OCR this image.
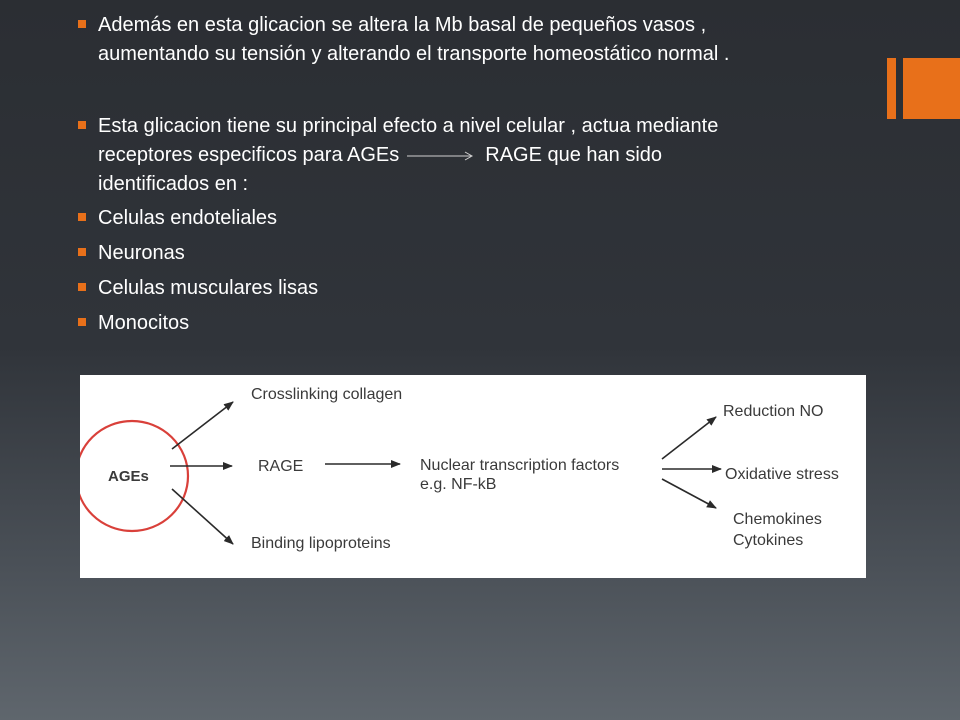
Además en esta glicacion se altera la Mb basal de pequeños vasos ,
aumentando su tensión y alterando el transporte homeostático normal .
Esta glicacion tiene su principal efecto a nivel celular , actua mediante
receptores especificos para AGEs	RAGE que han sido
identificados en :
Celulas endoteliales
Neuronas
Celulas musculares lisas
Monocitos
AGEs
Crosslinking collagen
RAGE
Binding lipoproteins
Nuclear transcription factors
e.g. NF-kB
Reduction NO
Oxidative stress
Chemokines
Cytokines
